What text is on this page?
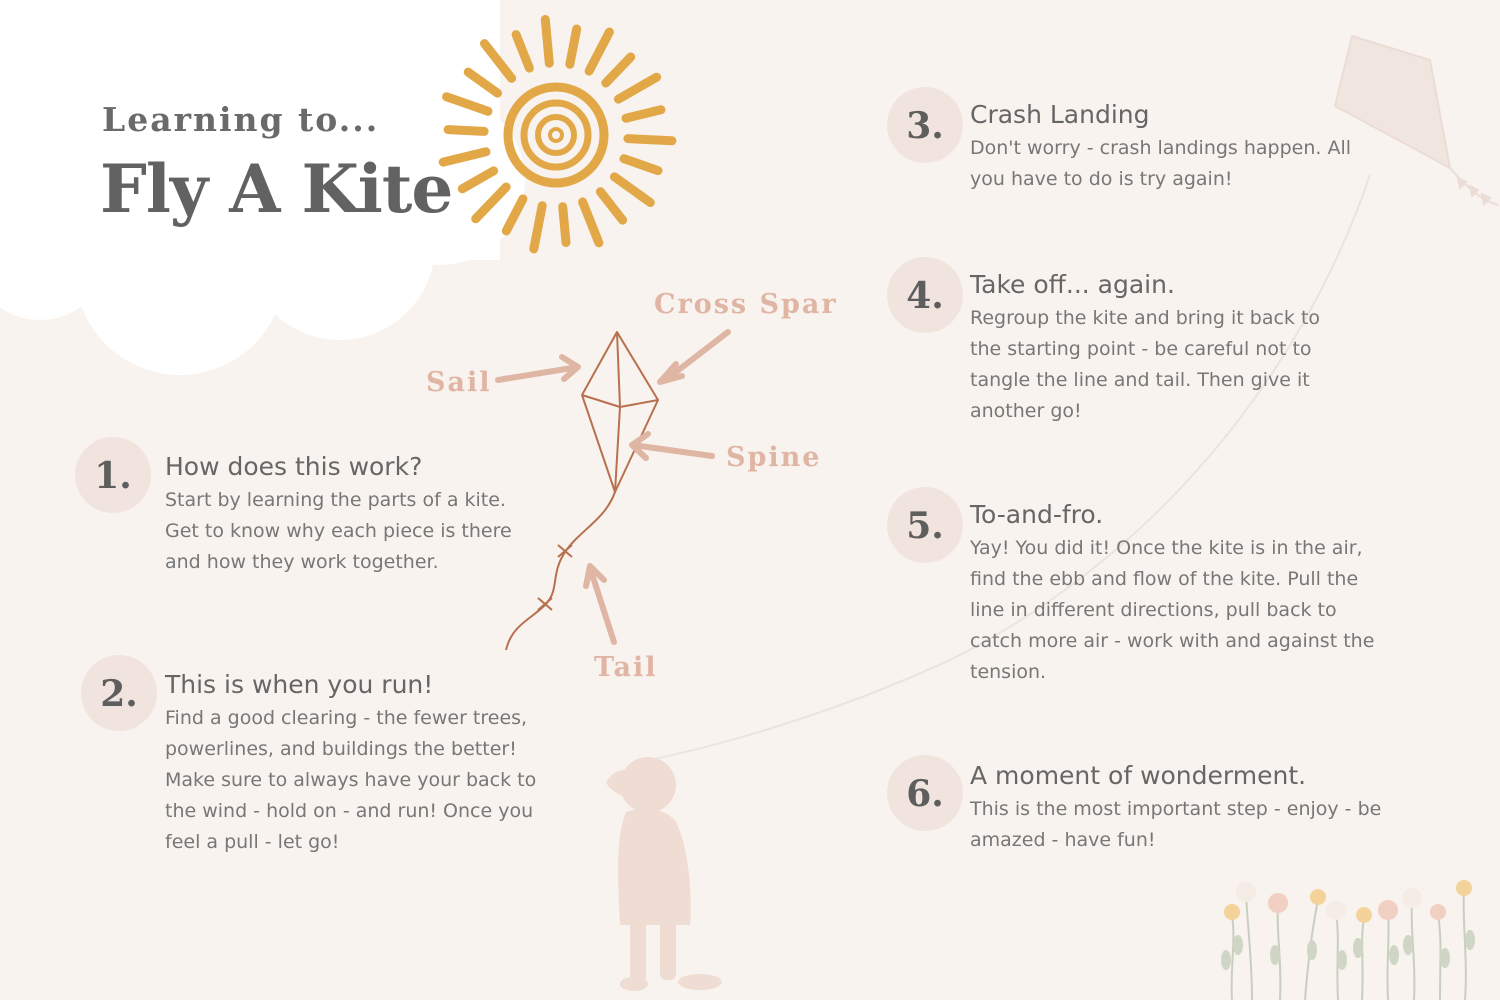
Learning to...
Fly A Kite
Cross Spar
Sail
Spine
Tail
1.	How does this work?
Start by learning the parts of a kite. Get to know why each piece is there and how they work together.
2.	This is when you run!
Find a good clearing - the fewer trees, powerlines, and buildings the better! Make sure to always have your back to the wind - hold on - and run! Once you feel a pull - let go!
3.	Crash Landing
Don't worry - crash landings happen. All you have to do is try again!
4.	Take off... again.
Regroup the kite and bring it back to the starting point - be careful not to tangle the line and tail. Then give it another go!
5.	To-and-fro.
Yay! You did it! Once the kite is in the air, find the ebb and flow of the kite. Pull the line in different directions, pull back to catch more air - work with and against the tension.
6.	A moment of wonderment.
This is the most important step - enjoy - be amazed - have fun!
